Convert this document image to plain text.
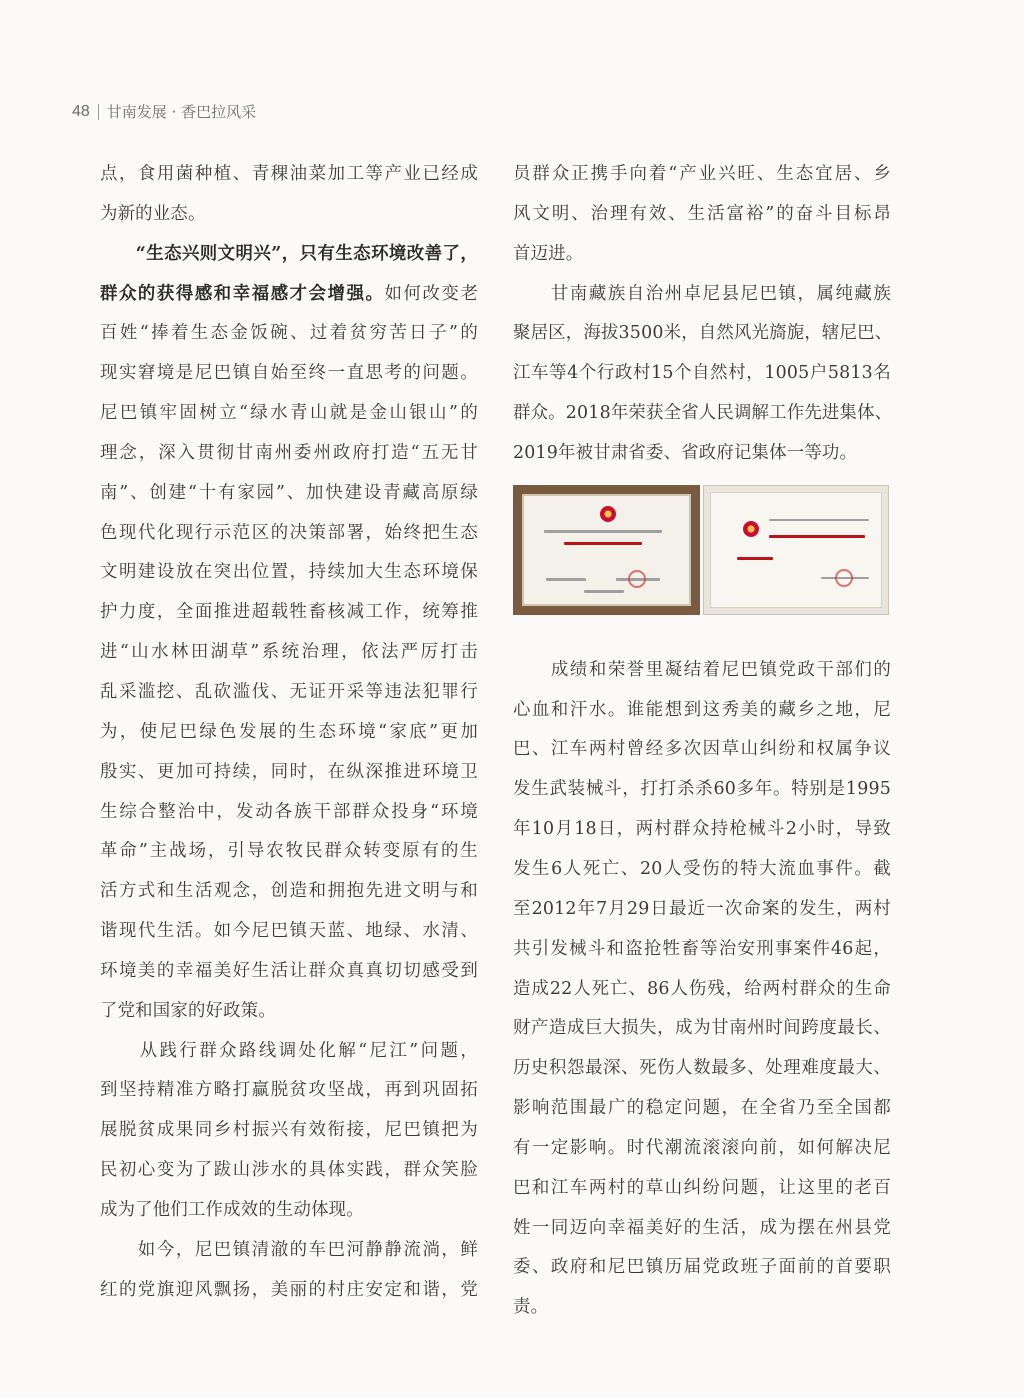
48 甘南发展 · 香巴拉风采
点，食用菌种植、青稞油菜加工等产业已经成
为新的业态。
　　“生态兴则文明兴”，只有生态环境改善了，
群众的获得感和幸福感才会增强。如何改变老
百姓“捧着生态金饭碗、过着贫穷苦日子”的
现实窘境是尼巴镇自始至终一直思考的问题。
尼巴镇牢固树立“绿水青山就是金山银山”的
理念，深入贯彻甘南州委州政府打造“五无甘
南”、创建“十有家园”、加快建设青藏高原绿
色现代化现行示范区的决策部署，始终把生态
文明建设放在突出位置，持续加大生态环境保
护力度，全面推进超载牲畜核减工作，统筹推
进“山水林田湖草”系统治理，依法严厉打击
乱采滥挖、乱砍滥伐、无证开采等违法犯罪行
为，使尼巴绿色发展的生态环境“家底”更加
殷实、更加可持续，同时，在纵深推进环境卫
生综合整治中，发动各族干部群众投身“环境
革命”主战场，引导农牧民群众转变原有的生
活方式和生活观念，创造和拥抱先进文明与和
谐现代生活。如今尼巴镇天蓝、地绿、水清、
环境美的幸福美好生活让群众真真切切感受到
了党和国家的好政策。
　　从践行群众路线调处化解“尼江”问题，
到坚持精准方略打赢脱贫攻坚战，再到巩固拓
展脱贫成果同乡村振兴有效衔接，尼巴镇把为
民初心变为了跋山涉水的具体实践，群众笑脸
成为了他们工作成效的生动体现。
　　如今，尼巴镇清澈的车巴河静静流淌，鲜
红的党旗迎风飘扬，美丽的村庄安定和谐，党
员群众正携手向着“产业兴旺、生态宜居、乡
风文明、治理有效、生活富裕”的奋斗目标昂
首迈进。
　　甘南藏族自治州卓尼县尼巴镇，属纯藏族
聚居区，海拔3500米，自然风光旖旎，辖尼巴、
江车等4个行政村15个自然村，1005户5813名
群众。2018年荣获全省人民调解工作先进集体、
2019年被甘肃省委、省政府记集体一等功。
　　成绩和荣誉里凝结着尼巴镇党政干部们的
心血和汗水。谁能想到这秀美的藏乡之地，尼
巴、江车两村曾经多次因草山纠纷和权属争议
发生武装械斗，打打杀杀60多年。特别是1995
年10月18日，两村群众持枪械斗2小时，导致
发生6人死亡、20人受伤的特大流血事件。截
至2012年7月29日最近一次命案的发生，两村
共引发械斗和盗抢牲畜等治安刑事案件46起，
造成22人死亡、86人伤残，给两村群众的生命
财产造成巨大损失，成为甘南州时间跨度最长、
历史积怨最深、死伤人数最多、处理难度最大、
影响范围最广的稳定问题，在全省乃至全国都
有一定影响。时代潮流滚滚向前，如何解决尼
巴和江车两村的草山纠纷问题，让这里的老百
姓一同迈向幸福美好的生活，成为摆在州县党
委、政府和尼巴镇历届党政班子面前的首要职
责。
